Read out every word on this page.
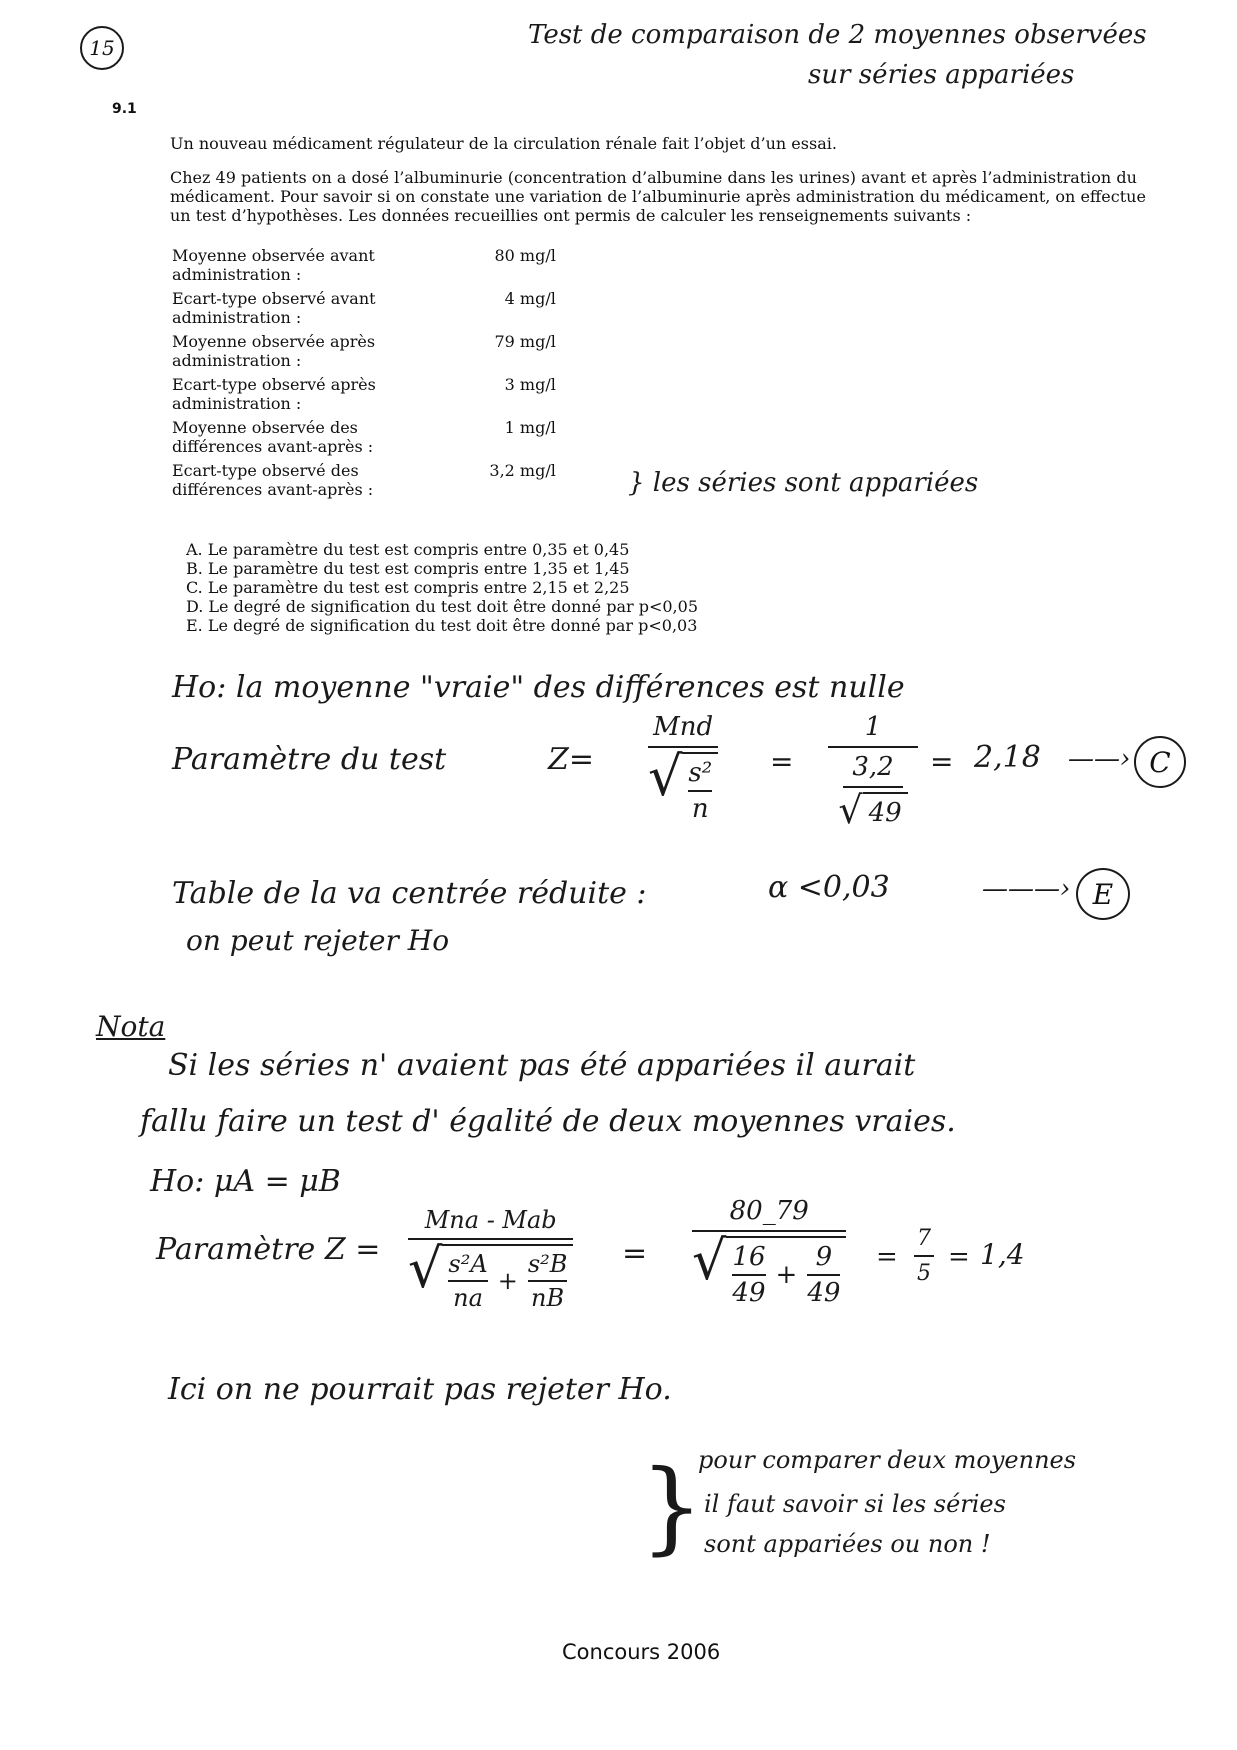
15	Test de comparaison de 2 moyennes observées
sur séries appariées
9.1
Un nouveau médicament régulateur de la circulation rénale fait l’objet d’un essai.
Chez 49 patients on a dosé l’albuminurie (concentration d’albumine dans les urines) avant et après l’administration du médicament. Pour savoir si on constate une variation de l’albuminurie après administration du médicament, on effectue un test d’hypothèses. Les données recueillies ont permis de calculer les renseignements suivants :
Moyenne observée avant
administration :	80 mg/l

Ecart-type observé avant
administration :	4 mg/l

Moyenne observée après
administration :	79 mg/l

Ecart-type observé après
administration :	3 mg/l

Moyenne observée des
différences avant-après :	1 mg/l

Ecart-type observé des
différences avant-après :	3,2 mg/l	} les séries sont appariées
A. Le paramètre du test est compris entre 0,35 et 0,45
B. Le paramètre du test est compris entre 1,35 et 1,45
C. Le paramètre du test est compris entre 2,15 et 2,25
D. Le degré de signification du test doit être donné par p<0,05
E. Le degré de signification du test doit être donné par p<0,03
Ho: la moyenne "vraie" des différences est nulle
Paramètre du test	Z=
Mnd
√ s²
n
=
1
3,2
√ 49
= 2,18 ——› C
Table de la va centrée réduite :	α <0,03	———› E
on peut rejeter Ho
Nota
Si les séries n' avaient pas été appariées il aurait
fallu faire un test d' égalité de deux moyennes vraies.
Ho: μA = μB
Paramètre Z =
Mna - Mab
√ s²A
na
+
s²B
nB
=
80_79
√ 16
49
+
9
49
=
7
5
= 1,4
Ici on ne pourrait pas rejeter Ho.
}
pour comparer deux moyennes
il faut savoir si les séries
sont appariées ou non !
Concours 2006
